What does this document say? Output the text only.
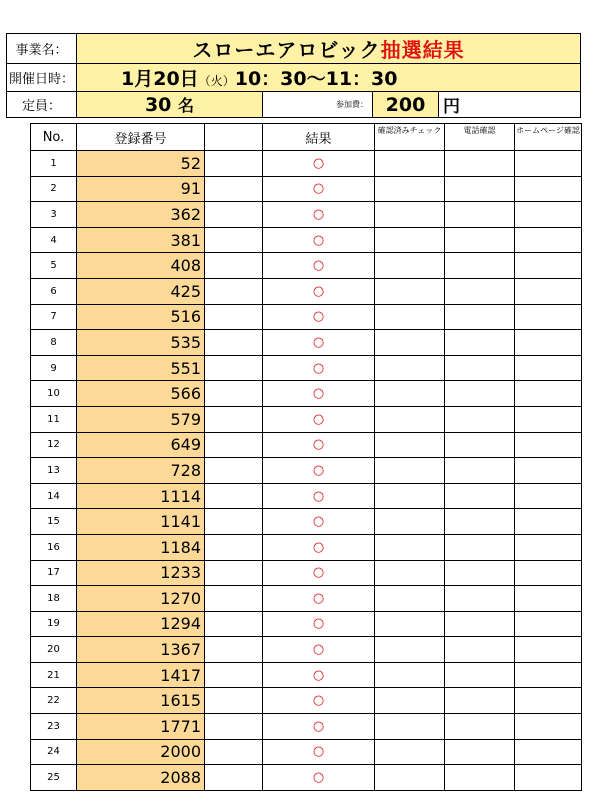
事業名：	スローエアロビック抽選結果			
開催日時：	1月20日（火）10：30～11：30			
定員：	30 名	参加費：	200	円
No.	登録番号		結果	確認済みチェック	電話確認	ホームページ確認
1	52		○			
2	91		○			
3	362		○			
4	381		○			
5	408		○			
6	425		○			
7	516		○			
8	535		○			
9	551		○			
10	566		○			
11	579		○			
12	649		○			
13	728		○			
14	1114		○			
15	1141		○			
16	1184		○			
17	1233		○			
18	1270		○			
19	1294		○			
20	1367		○			
21	1417		○			
22	1615		○			
23	1771		○			
24	2000		○			
25	2088		○			
